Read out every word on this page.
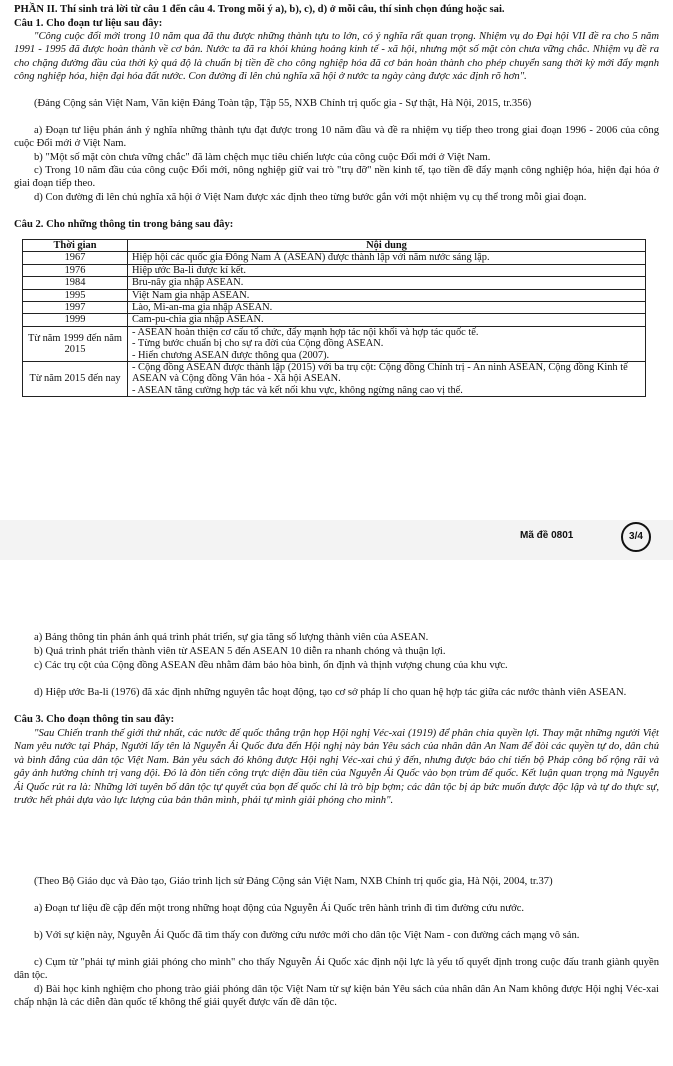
PHẦN II. Thí sinh trả lời từ câu 1 đến câu 4. Trong mỗi ý a), b), c), d) ở mỗi câu, thí sinh chọn đúng hoặc sai.

Câu 1. Cho đoạn tư liệu sau đây:

"Công cuộc đổi mới trong 10 năm qua đã thu được những thành tựu to lớn, có ý nghĩa rất quan trọng. Nhiệm vụ do Đại hội VII đề ra cho 5 năm 1991 - 1995 đã được hoàn thành về cơ bản. Nước ta đã ra khỏi khủng hoảng kinh tế - xã hội, nhưng một số mặt còn chưa vững chắc. Nhiệm vụ đề ra cho chặng đường đầu của thời kỳ quá độ là chuẩn bị tiền đề cho công nghiệp hóa đã cơ bản hoàn thành cho phép chuyển sang thời kỳ mới đẩy mạnh công nghiệp hóa, hiện đại hóa đất nước. Con đường đi lên chủ nghĩa xã hội ở nước ta ngày càng được xác định rõ hơn".

(Đảng Cộng sản Việt Nam, Văn kiện Đảng Toàn tập, Tập 55, NXB Chính trị quốc gia - Sự thật, Hà Nội, 2015, tr.356)

a) Đoạn tư liệu phản ánh ý nghĩa những thành tựu đạt được trong 10 năm đầu và đề ra nhiệm vụ tiếp theo trong giai đoạn 1996 - 2006 của công cuộc Đổi mới ở Việt Nam.

b) "Một số mặt còn chưa vững chắc" đã làm chệch mục tiêu chiến lược của công cuộc Đổi mới ở Việt Nam.

c) Trong 10 năm đầu của công cuộc Đổi mới, nông nghiệp giữ vai trò "trụ đỡ" nền kinh tế, tạo tiền đề đẩy mạnh công nghiệp hóa, hiện đại hóa ở giai đoạn tiếp theo.

d) Con đường đi lên chủ nghĩa xã hội ở Việt Nam được xác định theo từng bước gắn với một nhiệm vụ cụ thể trong mỗi giai đoạn.

Câu 2. Cho những thông tin trong bảng sau đây:

Thời gian	Nội dung
1967	Hiệp hội các quốc gia Đông Nam Á (ASEAN) được thành lập với năm nước sáng lập.
1976	Hiệp ước Ba-li được kí kết.
1984	Bru-nây gia nhập ASEAN.
1995	Việt Nam gia nhập ASEAN.
1997	Lào, Mi-an-ma gia nhập ASEAN.
1999	Cam-pu-chia gia nhập ASEAN.
Từ năm 1999 đến năm 2015	- ASEAN hoàn thiện cơ cấu tổ chức, đẩy mạnh hợp tác nội khối và hợp tác quốc tế.
- Từng bước chuẩn bị cho sự ra đời của Cộng đồng ASEAN.
- Hiến chương ASEAN được thông qua (2007).
Từ năm 2015 đến nay	- Cộng đồng ASEAN được thành lập (2015) với ba trụ cột: Cộng đồng Chính trị - An ninh ASEAN, Cộng đồng Kinh tế ASEAN và Cộng đồng Văn hóa - Xã hội ASEAN.
- ASEAN tăng cường hợp tác và kết nối khu vực, không ngừng nâng cao vị thế.
Mã đề 0801	3/4

a) Bảng thông tin phản ánh quá trình phát triển, sự gia tăng số lượng thành viên của ASEAN.

b) Quá trình phát triển thành viên từ ASEAN 5 đến ASEAN 10 diễn ra nhanh chóng và thuận lợi.

c) Các trụ cột của Cộng đồng ASEAN đều nhằm đảm bảo hòa bình, ổn định và thịnh vượng chung của khu vực.

d) Hiệp ước Ba-li (1976) đã xác định những nguyên tắc hoạt động, tạo cơ sở pháp lí cho quan hệ hợp tác giữa các nước thành viên ASEAN.

Câu 3. Cho đoạn thông tin sau đây:

"Sau Chiến tranh thế giới thứ nhất, các nước đế quốc thắng trận họp Hội nghị Véc-xai (1919) để phân chia quyền lợi. Thay mặt những người Việt Nam yêu nước tại Pháp, Người lấy tên là Nguyễn Ái Quốc đưa đến Hội nghị này bản Yêu sách của nhân dân An Nam để đòi các quyền tự do, dân chủ và bình đẳng của dân tộc Việt Nam. Bản yêu sách đó không được Hội nghị Véc-xai chú ý đến, nhưng được báo chí tiến bộ Pháp công bố rộng rãi và gây ảnh hưởng chính trị vang dội. Đó là đòn tiến công trực diện đầu tiên của Nguyễn Ái Quốc vào bọn trùm đế quốc. Kết luận quan trọng mà Nguyễn Ái Quốc rút ra là: Những lời tuyên bố dân tộc tự quyết của bọn đế quốc chỉ là trò bịp bợm; các dân tộc bị áp bức muốn được độc lập và tự do thực sự, trước hết phải dựa vào lực lượng của bản thân mình, phải tự mình giải phóng cho mình".

(Theo Bộ Giáo dục và Đào tạo, Giáo trình lịch sử Đảng Cộng sản Việt Nam, NXB Chính trị quốc gia, Hà Nội, 2004, tr.37)

a) Đoạn tư liệu đề cập đến một trong những hoạt động của Nguyễn Ái Quốc trên hành trình đi tìm đường cứu nước.

b) Với sự kiện này, Nguyễn Ái Quốc đã tìm thấy con đường cứu nước mới cho dân tộc Việt Nam - con đường cách mạng vô sản.

c) Cụm từ "phải tự mình giải phóng cho mình" cho thấy Nguyễn Ái Quốc xác định nội lực là yếu tố quyết định trong cuộc đấu tranh giành quyền dân tộc.

d) Bài học kinh nghiệm cho phong trào giải phóng dân tộc Việt Nam từ sự kiện bản Yêu sách của nhân dân An Nam không được Hội nghị Véc-xai chấp nhận là các diễn đàn quốc tế không thể giải quyết được vấn đề dân tộc.
